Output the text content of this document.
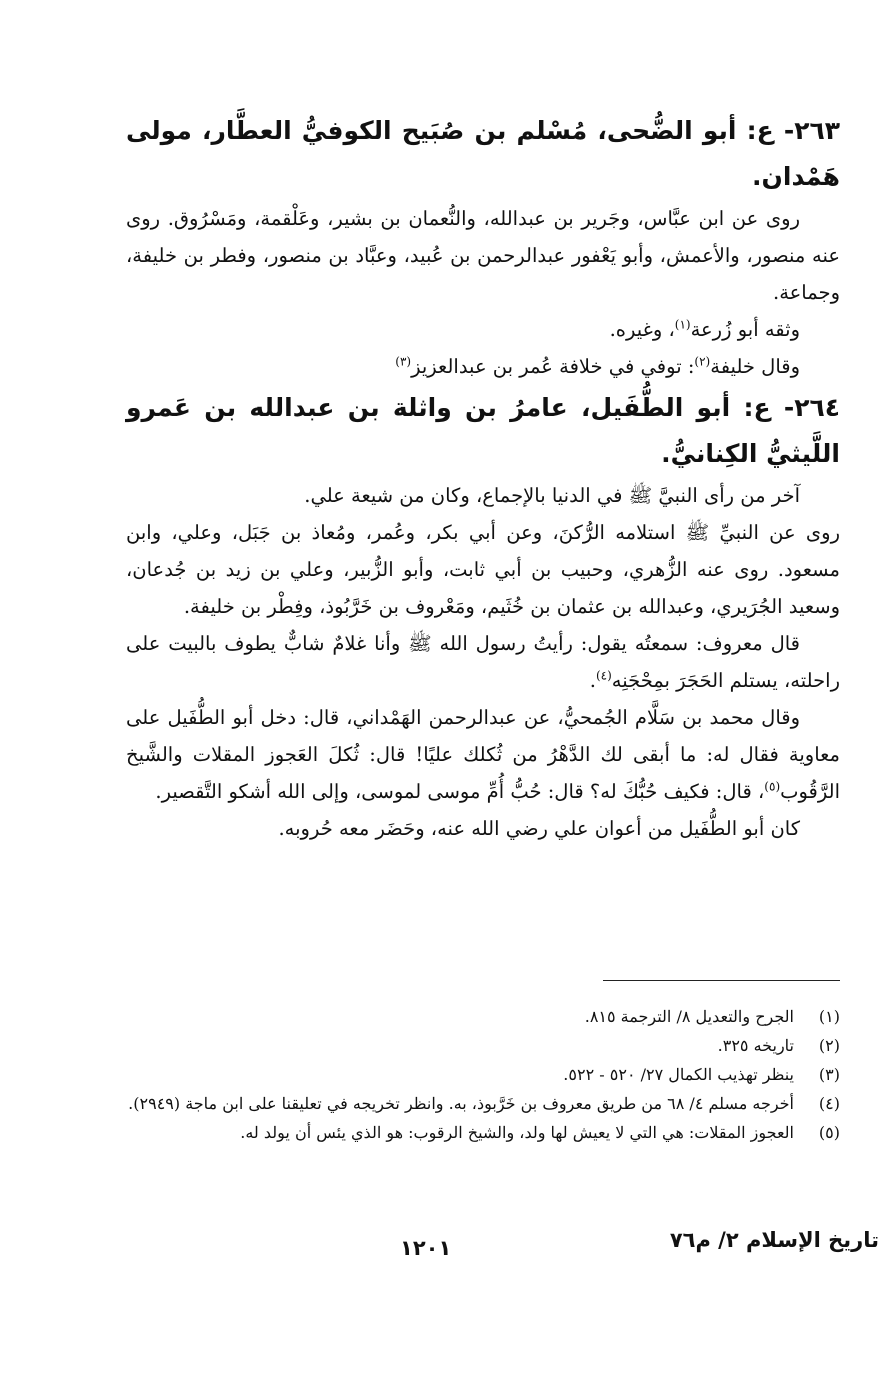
٢٦٣- ع: أبو الضُّحى، مُسْلم بن صُبَيح الكوفيُّ العطَّار، مولى هَمْدان.

روى عن ابن عبَّاس، وجَرير بن عبدالله، والنُّعمان بن بشير، وعَلْقمة، ومَسْرُوق. روى عنه منصور، والأعمش، وأبو يَعْفور عبدالرحمن بن عُبيد، وعبَّاد بن منصور، وفطر بن خليفة، وجماعة.

وثقه أبو زُرعة$^{(١)}$، وغيره.

وقال خليفة$^{(٢)}$: توفي في خلافة عُمر بن عبدالعزيز$^{(٣)}$

٢٦٤- ع: أبو الطُّفَيل، عامرُ بن واثلة بن عبدالله بن عَمرو اللَّيثيُّ الكِنانيُّ.

آخر من رأى النبيَّ ﷺ في الدنيا بالإجماع، وكان من شيعة علي.

روى عن النبيِّ ﷺ استلامه الرُّكنَ، وعن أبي بكر، وعُمر، ومُعاذ بن جَبَل، وعلي، وابن مسعود. روى عنه الزُّهري، وحبيب بن أبي ثابت، وأبو الزُّبير، وعلي بن زيد بن جُدعان، وسعيد الجُرَيري، وعبدالله بن عثمان بن خُثَيم، ومَعْروف بن خَرَّبُوذ، وفِطْر بن خليفة.

قال معروف: سمعتُه يقول: رأيتُ رسول الله ﷺ وأنا غلامٌ شابٌّ يطوف بالبيت على راحلته، يستلم الحَجَرَ بمِحْجَنِه$^{(٤)}$.

وقال محمد بن سَلَّام الجُمحيُّ، عن عبدالرحمن الهَمْداني، قال: دخل أبو الطُّفَيل على معاوية فقال له: ما أبقى لك الدَّهْرُ من ثُكلك عليًا! قال: ثُكلَ العَجوز المقلات والشَّيخ الرَّقُوب$^{(٥)}$، قال: فكيف حُبُّكَ له؟ قال: حُبُّ أُمِّ موسى لموسى، وإلى الله أشكو التَّقصير.

كان أبو الطُّفَيل من أعوان علي رضي الله عنه، وحَضَر معه حُروبه.

(١)
الجرح والتعديل ٨/ الترجمة ٨١٥.
(٢)
تاريخه ٣٢٥.
(٣)
ينظر تهذيب الكمال ٢٧/ ٥٢٠ - ٥٢٢.
(٤)
أخرجه مسلم ٤/ ٦٨ من طريق معروف بن خَرَّبوذ، به. وانظر تخريجه في تعليقنا على ابن ماجة (٢٩٤٩).
(٥)
العجوز المقلات: هي التي لا يعيش لها ولد، والشيخ الرقوب: هو الذي يئس أن يولد له.
تاريخ الإسلام ٢/ م٧٦
١٢٠١
